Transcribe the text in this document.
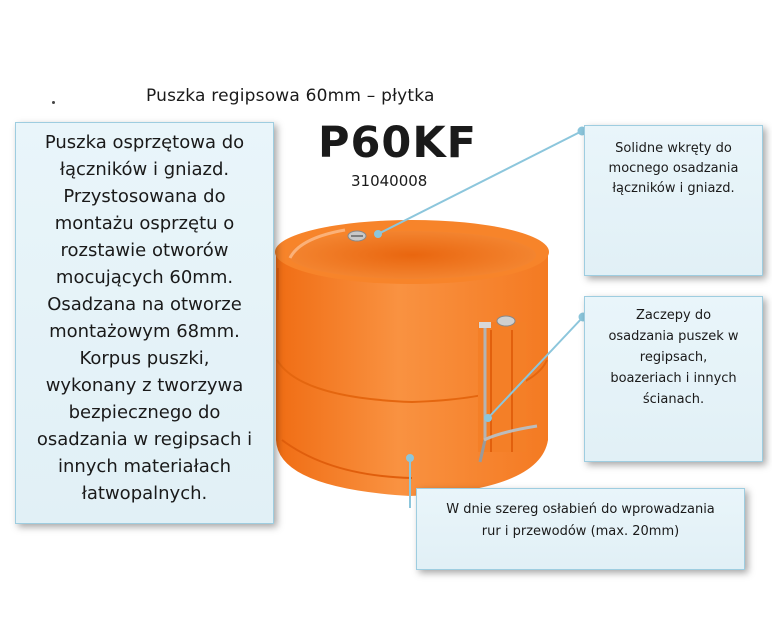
Puszka regipsowa 60mm – płytka
P60KF
31040008
Puszka osprzętowa do
łączników i gniazd.
Przystosowana do
montażu osprzętu o
rozstawie otworów
mocujących 60mm.
Osadzana na otworze
montażowym 68mm.
Korpus puszki,
wykonany z tworzywa
bezpiecznego do
osadzania w regipsach i
innych materiałach
łatwopalnych.
Solidne wkręty do
mocnego osadzania
łączników i gniazd.
Zaczepy do
osadzania puszek w
regipsach,
boazeriach i innych
ścianach.
W dnie szereg osłabień do wprowadzania
rur i przewodów (max. 20mm)
